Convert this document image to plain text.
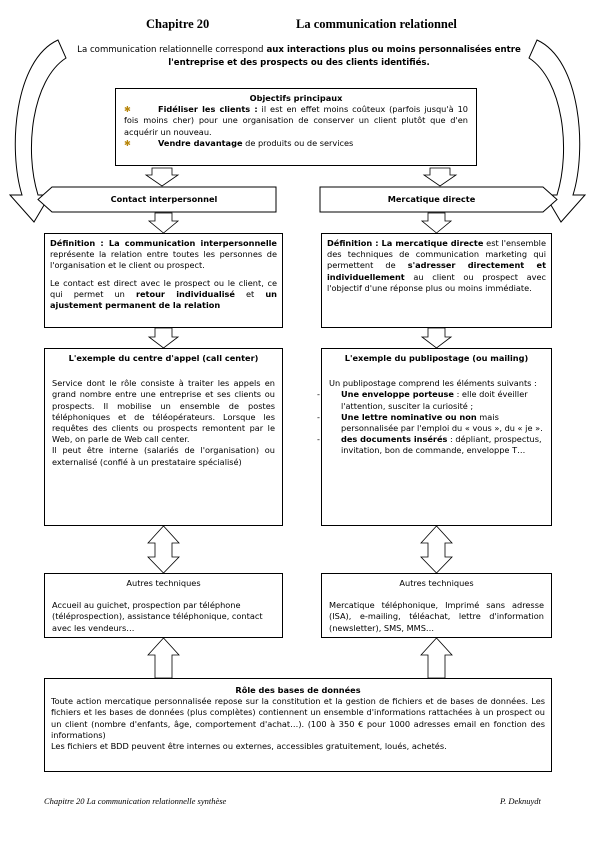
Chapitre 20	La communication relationnel
La communication relationnelle correspond aux interactions plus ou moins personnalisées entre l'entreprise et des prospects ou des clients identifiés.

Objectifs principaux

✱	Fidéliser les clients : il est en effet moins coûteux (parfois jusqu'à 10 fois moins cher) pour une organisation de conserver un client plutôt que d'en acquérir un nouveau.

✱	Vendre davantage de produits ou de services

Contact interpersonnel	Mercatique directe

Définition : La communication interpersonnelle représente la relation entre toutes les personnes de l'organisation et le client ou prospect.

Le contact est direct avec le prospect ou le client, ce qui permet un retour individualisé et un ajustement permanent de la relation

Définition : La mercatique directe est l'ensemble des techniques de communication marketing qui permettent de s'adresser directement et individuellement au client ou prospect avec l'objectif d'une réponse plus ou moins immédiate.

L'exemple du centre d'appel (call center)

Service dont le rôle consiste à traiter les appels en grand nombre entre une entreprise et ses clients ou prospects. Il mobilise un ensemble de postes téléphoniques et de téléopérateurs. Lorsque les requêtes des clients ou prospects remontent par le Web, on parle de Web call center.

Il peut être interne (salariés de l'organisation) ou externalisé (confié à un prestataire spécialisé)

L'exemple du publipostage (ou mailing)

Un publipostage comprend les éléments suivants :

-	Une enveloppe porteuse : elle doit éveiller l'attention, susciter la curiosité ;
-	Une lettre nominative ou non mais personnalisée par l'emploi du « vous », du « je ».
-	des documents insérés : dépliant, prospectus, invitation, bon de commande, enveloppe T…

Autres techniques

Accueil au guichet, prospection par téléphone (téléprospection), assistance téléphonique, contact avec les vendeurs…

Autres techniques

Mercatique téléphonique, Imprimé sans adresse (ISA), e-mailing, téléachat, lettre d'information (newsletter), SMS, MMS…

Rôle des bases de données

Toute action mercatique personnalisée repose sur la constitution et la gestion de fichiers et de bases de données. Les fichiers et les bases de données (plus complètes) contiennent un ensemble d'informations rattachées à un prospect ou un client (nombre d'enfants, âge, comportement d'achat…). (100 à 350 € pour 1000 adresses email en fonction des informations)

Les fichiers et BDD peuvent être internes ou externes, accessibles gratuitement, loués, achetés.

Chapitre 20 La communication relationnelle synthèse	P. Deknuydt
